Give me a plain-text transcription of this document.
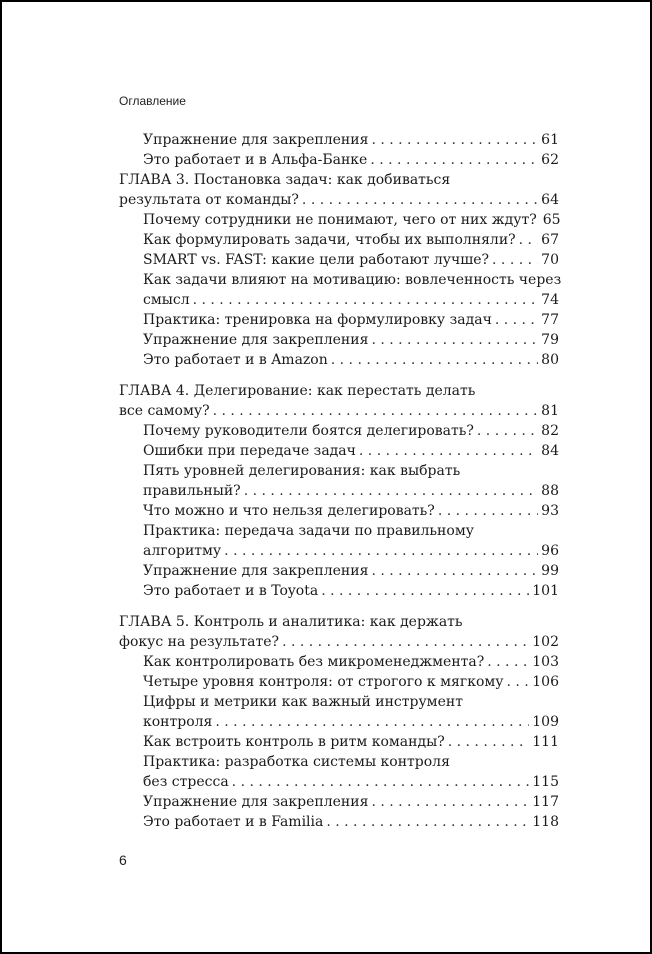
Оглавление
Упражнение для закрепления . . .	61
Это работает и в Альфа-Банке . . .	62
ГЛАВА 3. Постановка задач: как добиваться
результата от команды? . . .	64
Почему сотрудники не понимают, чего от них ждут? 65
Как формулировать задачи, чтобы их выполняли? . . . 67
SMART vs. FAST: какие цели работают лучше? . . .	70
Как задачи влияют на мотивацию: вовлеченность через
смысл . . .	74
Практика: тренировка на формулировку задач . . .	77
Упражнение для закрепления . . .	79
Это работает и в Amazon . . .	80
ГЛАВА 4. Делегирование: как перестать делать
все самому? . . .	81
Почему руководители боятся делегировать? . . .	82
Ошибки при передаче задач . . .	84
Пять уровней делегирования: как выбрать
правильный? . . .	88
Что можно и что нельзя делегировать? . . .	93
Практика: передача задачи по правильному
алгоритму . . .	96
Упражнение для закрепления . . .	99
Это работает и в Toyota . . .	101
ГЛАВА 5. Контроль и аналитика: как держать
фокус на результате? . . .	102
Как контролировать без микроменеджмента? . . .	103
Четыре уровня контроля: от строгого к мягкому . . . 106
Цифры и метрики как важный инструмент
контроля . . .	109
Как встроить контроль в ритм команды? . . .	111
Практика: разработка системы контроля
без стресса . . .	115
Упражнение для закрепления . . .	117
Это работает и в Familia . . .	118
6
